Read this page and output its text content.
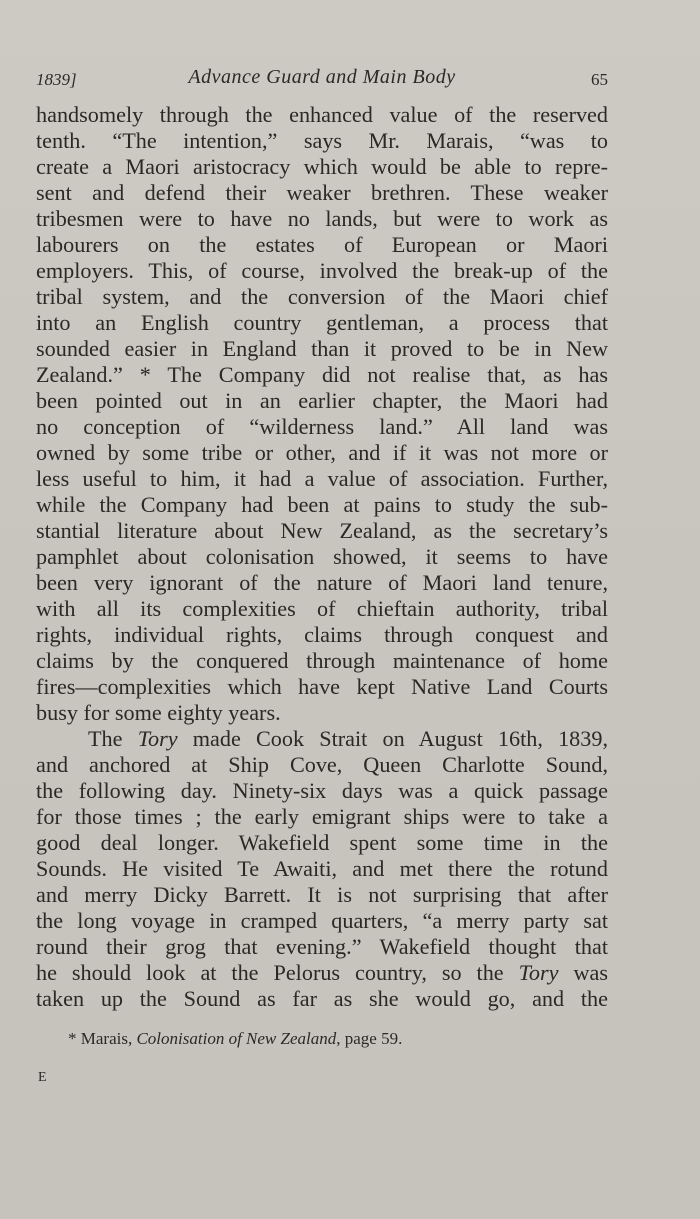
1839]	Advance Guard and Main Body	65

handsomely through the enhanced value of the reserved
tenth. “The intention,” says Mr. Marais, “was to
create a Maori aristocracy which would be able to repre-
sent and defend their weaker brethren. These weaker
tribesmen were to have no lands, but were to work as
labourers on the estates of European or Maori
employers. This, of course, involved the break-up of the
tribal system, and the conversion of the Maori chief
into an English country gentleman, a process that
sounded easier in England than it proved to be in New
Zealand.” * The Company did not realise that, as has
been pointed out in an earlier chapter, the Maori had
no conception of “wilderness land.” All land was
owned by some tribe or other, and if it was not more or
less useful to him, it had a value of association. Further,
while the Company had been at pains to study the sub-
stantial literature about New Zealand, as the secretary’s
pamphlet about colonisation showed, it seems to have
been very ignorant of the nature of Maori land tenure,
with all its complexities of chieftain authority, tribal
rights, individual rights, claims through conquest and
claims by the conquered through maintenance of home
fires—complexities which have kept Native Land Courts
busy for some eighty years.

The Tory made Cook Strait on August 16th, 1839,
and anchored at Ship Cove, Queen Charlotte Sound,
the following day. Ninety-six days was a quick passage
for those times ; the early emigrant ships were to take a
good deal longer. Wakefield spent some time in the
Sounds. He visited Te Awaiti, and met there the rotund
and merry Dicky Barrett. It is not surprising that after
the long voyage in cramped quarters, “a merry party sat
round their grog that evening.” Wakefield thought that
he should look at the Pelorus country, so the Tory was
taken up the Sound as far as she would go, and the

* Marais, Colonisation of New Zealand, page 59.
E
